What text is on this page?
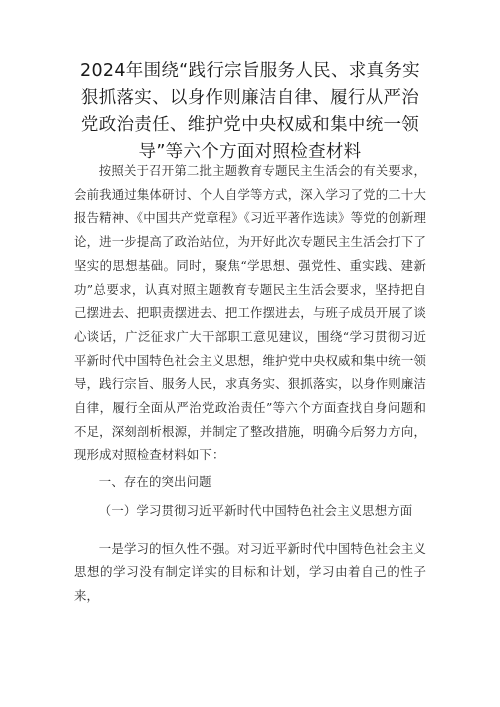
2024年围绕“践行宗旨服务人民、求真务实
狠抓落实、以身作则廉洁自律、履行从严治
党政治责任、维护党中央权威和集中统一领
导”等六个方面对照检查材料

按照关于召开第二批主题教育专题民主生活会的有关要求，会前我通过集体研讨、个人自学等方式，深入学习了党的二十大报告精神、《中国共产党章程》《习近平著作选读》等党的创新理论，进一步提高了政治站位，为开好此次专题民主生活会打下了坚实的思想基础。同时，聚焦“学思想、强党性、重实践、建新功”总要求，认真对照主题教育专题民主生活会要求，坚持把自己摆进去、把职责摆进去、把工作摆进去，与班子成员开展了谈心谈话，广泛征求广大干部职工意见建议，围绕“学习贯彻习近平新时代中国特色社会主义思想，维护党中央权威和集中统一领导，践行宗旨、服务人民，求真务实、狠抓落实，以身作则廉洁自律，履行全面从严治党政治责任”等六个方面查找自身问题和不足，深刻剖析根源，并制定了整改措施，明确今后努力方向，现形成对照检查材料如下：

一、存在的突出问题

（一）学习贯彻习近平新时代中国特色社会主义思想方面

一是学习的恒久性不强。对习近平新时代中国特色社会主义思想的学习没有制定详实的目标和计划，学习由着自己的性子来，
